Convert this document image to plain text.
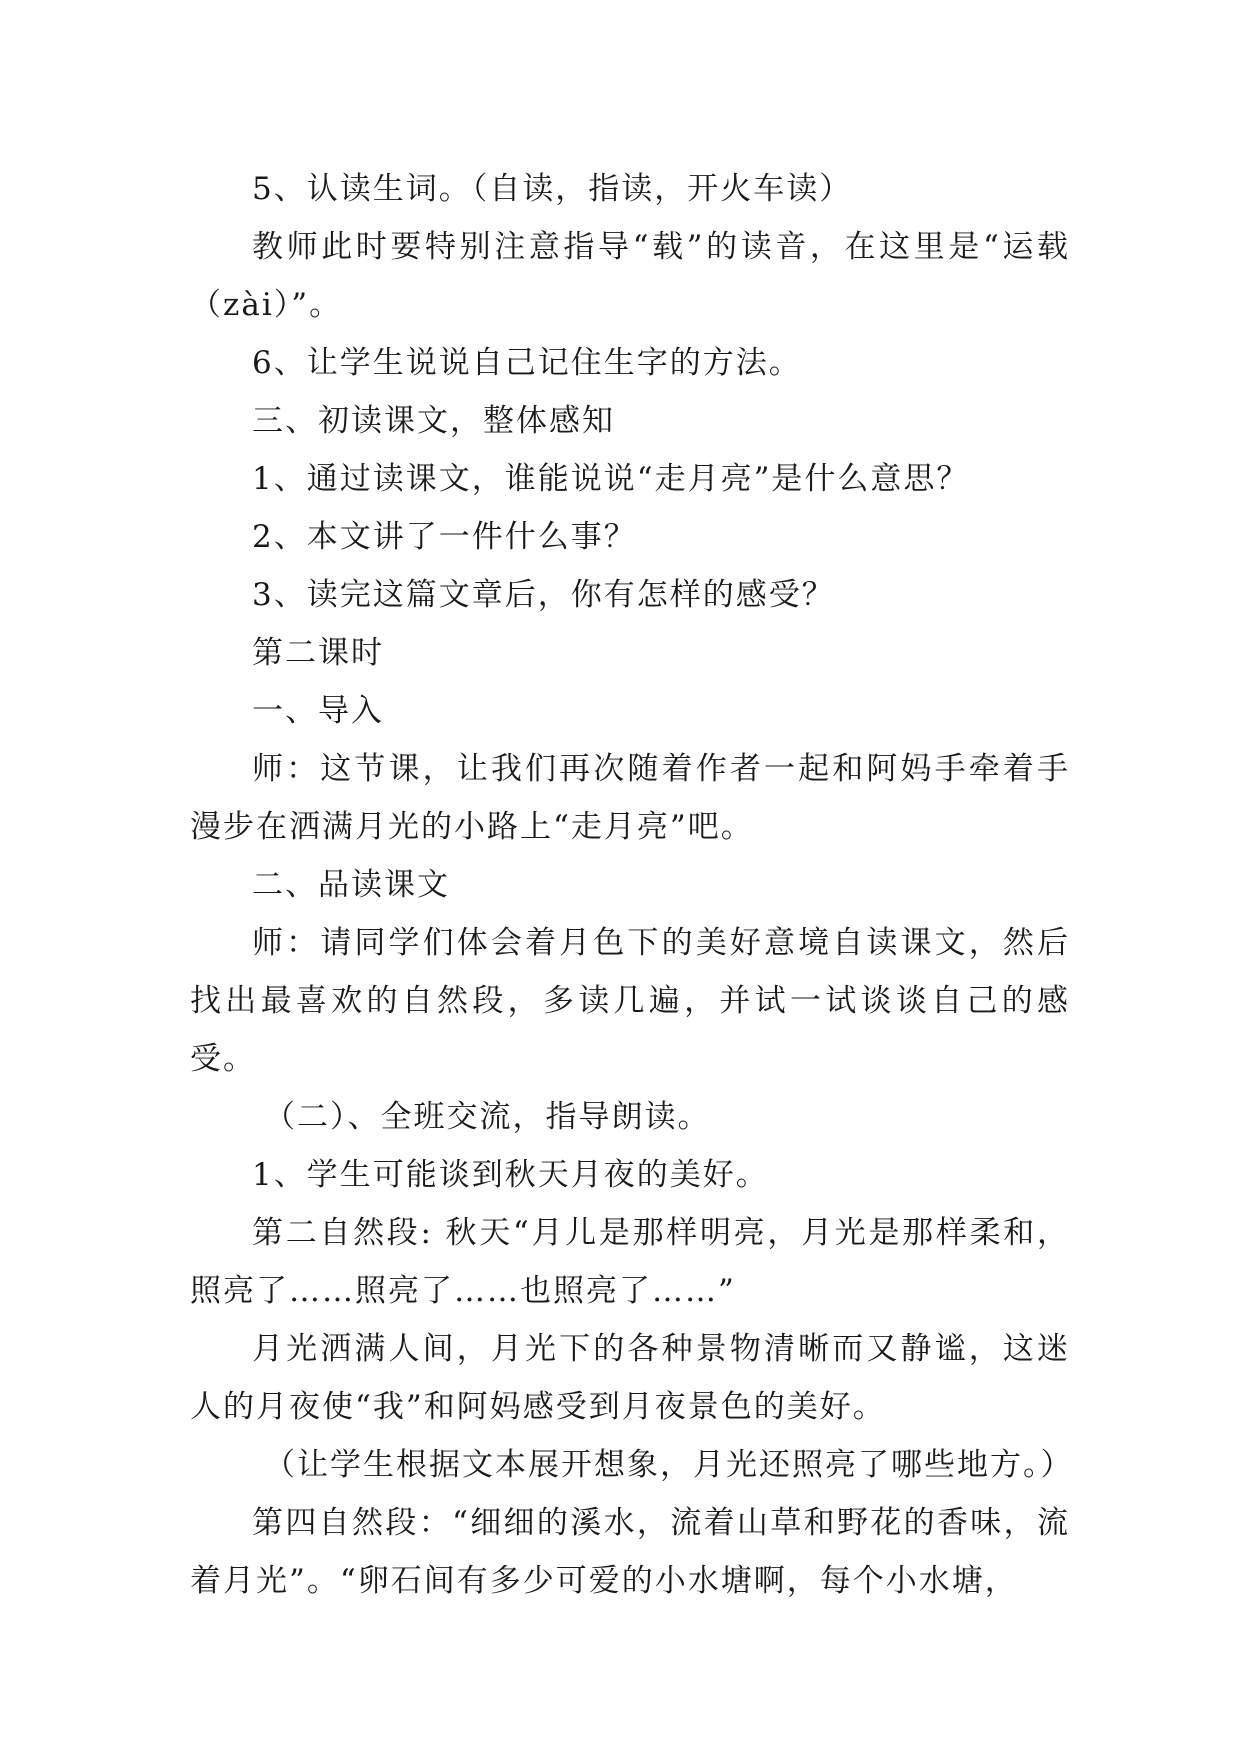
5、认读生词。（自读，指读，开火车读）

教师此时要特别注意指导“载”的读音，在这里是“运载（zài）”。

6、让学生说说自己记住生字的方法。

三、初读课文，整体感知

1、通过读课文，谁能说说“走月亮”是什么意思？

2、本文讲了一件什么事？

3、读完这篇文章后，你有怎样的感受？

第二课时

一、导入

师：这节课，让我们再次随着作者一起和阿妈手牵着手漫步在洒满月光的小路上“走月亮”吧。

二、品读课文

师：请同学们体会着月色下的美好意境自读课文，然后找出最喜欢的自然段，多读几遍，并试一试谈谈自己的感受。

（二）、全班交流，指导朗读。

1、学生可能谈到秋天月夜的美好。

第二自然段: 秋天“月儿是那样明亮，月光是那样柔和，照亮了……照亮了……也照亮了……”

月光洒满人间，月光下的各种景物清晰而又静谧，这迷人的月夜使“我”和阿妈感受到月夜景色的美好。

（让学生根据文本展开想象，月光还照亮了哪些地方。）

第四自然段：“细细的溪水，流着山草和野花的香味，流着月光”。“卵石间有多少可爱的小水塘啊，每个小水塘，
